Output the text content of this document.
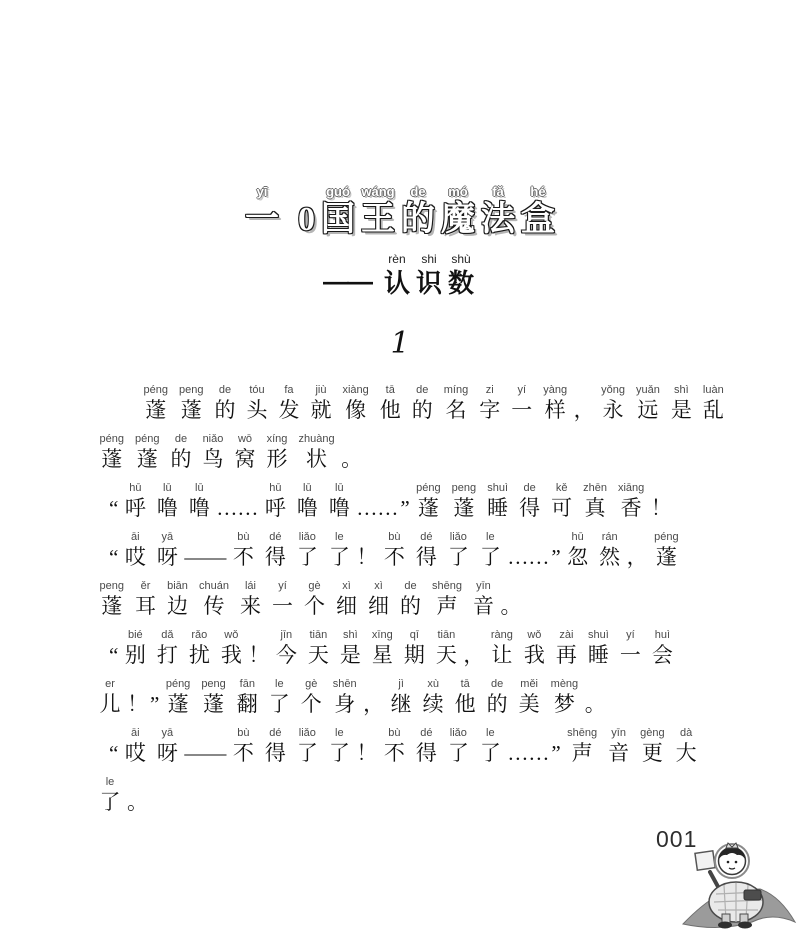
yī
一
0
guó
国
wáng
王
de
的
mó
魔
fǎ
法
hé
盒
——
rèn
认
shi
识
shù
数
1
péng
蓬
peng
蓬
de
的
tóu
头
fa
发
jiù
就
xiàng
像
tā
他
de
的
míng
名
zi
字
yí
一
yàng
样
，
yǒng
永
yuǎn
远
shì
是
luàn
乱
péng
蓬
péng
蓬
de
的
niǎo
鸟
wō
窝
xíng
形
zhuàng
状
。

“
hū
呼
lū
噜
lū
噜
……
hū
呼
lū
噜
lū
噜
……
”
péng
蓬
peng
蓬
shuì
睡
de
得
kě
可
zhēn
真
xiāng
香
！

“
āi
哎
yā
呀
——
bù
不
dé
得
liǎo
了
le
了
！
bù
不
dé
得
liǎo
了
le
了
……
”
hū
忽
rán
然
，
péng
蓬
peng
蓬
ěr
耳
biān
边
chuán
传
lái
来
yí
一
gè
个
xì
细
xì
细
de
的
shēng
声
yīn
音
。

“
bié
别
dǎ
打
rǎo
扰
wǒ
我
！
jīn
今
tiān
天
shì
是
xīng
星
qī
期
tiān
天
，
ràng
让
wǒ
我
zài
再
shuì
睡
yí
一
huì
会
er
儿
！
”
péng
蓬
peng
蓬
fān
翻
le
了
gè
个
shēn
身
，
jì
继
xù
续
tā
他
de
的
měi
美
mèng
梦
。

“
āi
哎
yā
呀
——
bù
不
dé
得
liǎo
了
le
了
！
bù
不
dé
得
liǎo
了
le
了
……
”
shēng
声
yīn
音
gèng
更
dà
大
le
了
。
001
